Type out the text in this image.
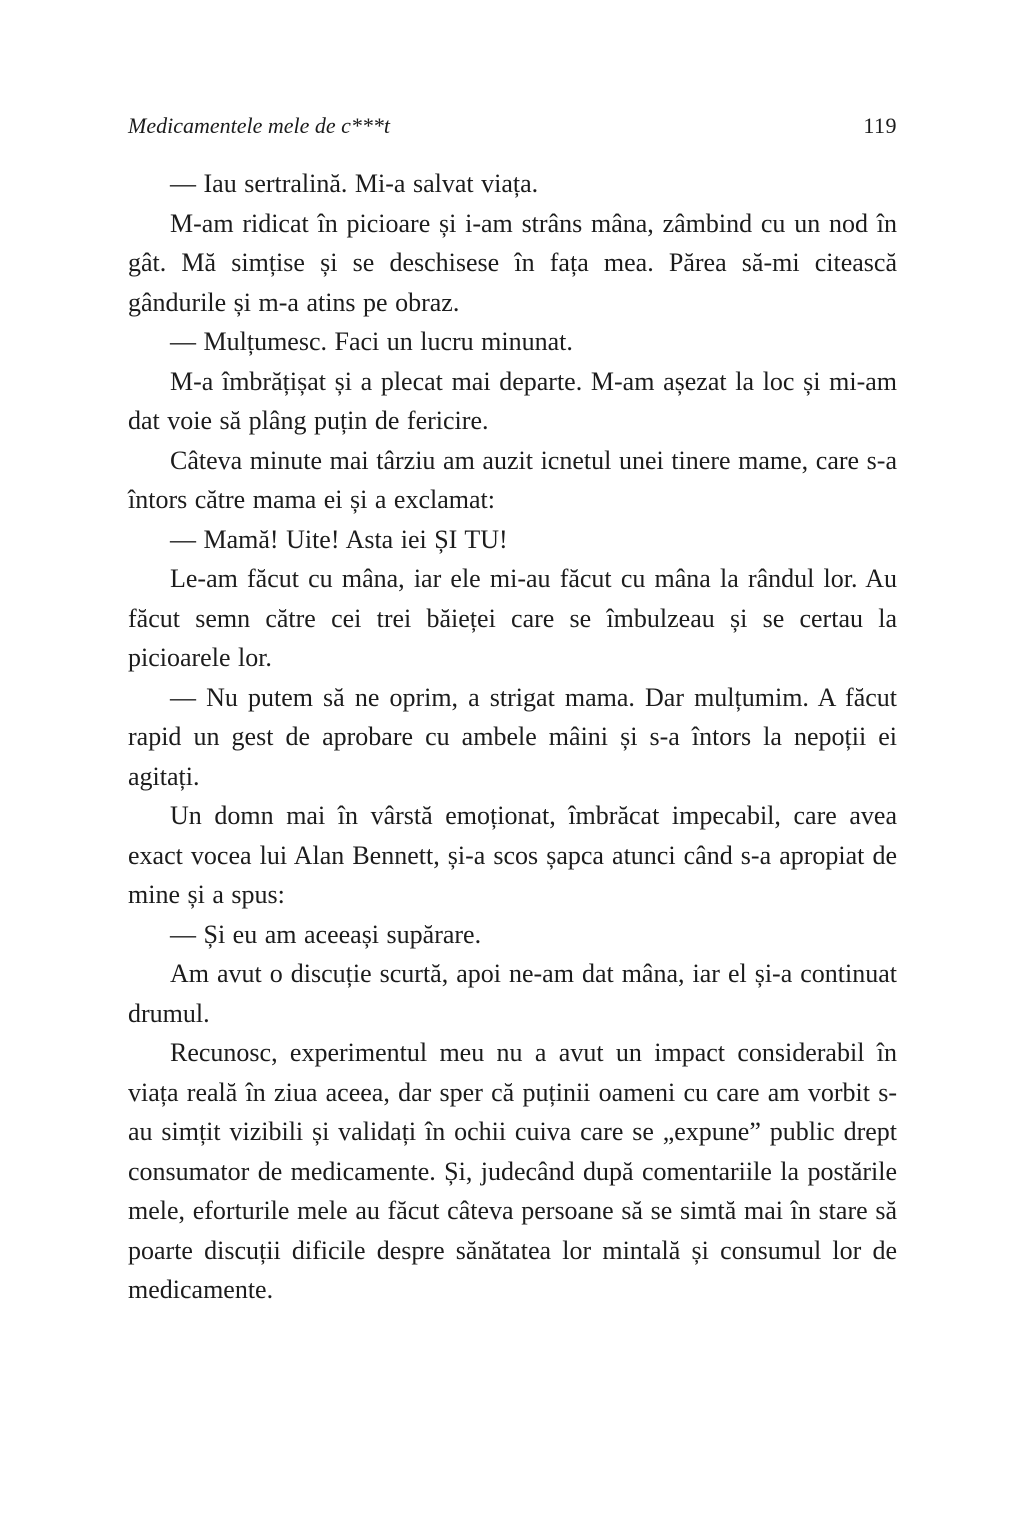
Medicamentele mele de c***t	119

— Iau sertralină. Mi-a salvat viața.

M-am ridicat în picioare și i-am strâns mâna, zâmbind cu un nod în gât. Mă simțise și se deschisese în fața mea. Părea să-mi citească gândurile și m-a atins pe obraz.

— Mulțumesc. Faci un lucru minunat.

M-a îmbrățișat și a plecat mai departe. M-am așezat la loc și mi-am dat voie să plâng puțin de fericire.

Câteva minute mai târziu am auzit icnetul unei tinere mame, care s-a întors către mama ei și a exclamat:

— Mamă! Uite! Asta iei ȘI TU!

Le-am făcut cu mâna, iar ele mi-au făcut cu mâna la rândul lor. Au făcut semn către cei trei băieței care se îmbulzeau și se certau la picioarele lor.

— Nu putem să ne oprim, a strigat mama. Dar mulțumim. A făcut rapid un gest de aprobare cu ambele mâini și s-a întors la nepoții ei agitați.

Un domn mai în vârstă emoționat, îmbrăcat impecabil, care avea exact vocea lui Alan Bennett, și-a scos șapca atunci când s-a apropiat de mine și a spus:

— Și eu am aceeași supărare.

Am avut o discuție scurtă, apoi ne-am dat mâna, iar el și-a continuat drumul.

Recunosc, experimentul meu nu a avut un impact considerabil în viața reală în ziua aceea, dar sper că puținii oameni cu care am vorbit s-au simțit vizibili și validați în ochii cuiva care se „expune” public drept consumator de medicamente. Și, judecând după comentariile la postările mele, eforturile mele au făcut câteva persoane să se simtă mai în stare să poarte discuții dificile despre sănătatea lor mintală și consumul lor de medicamente.
